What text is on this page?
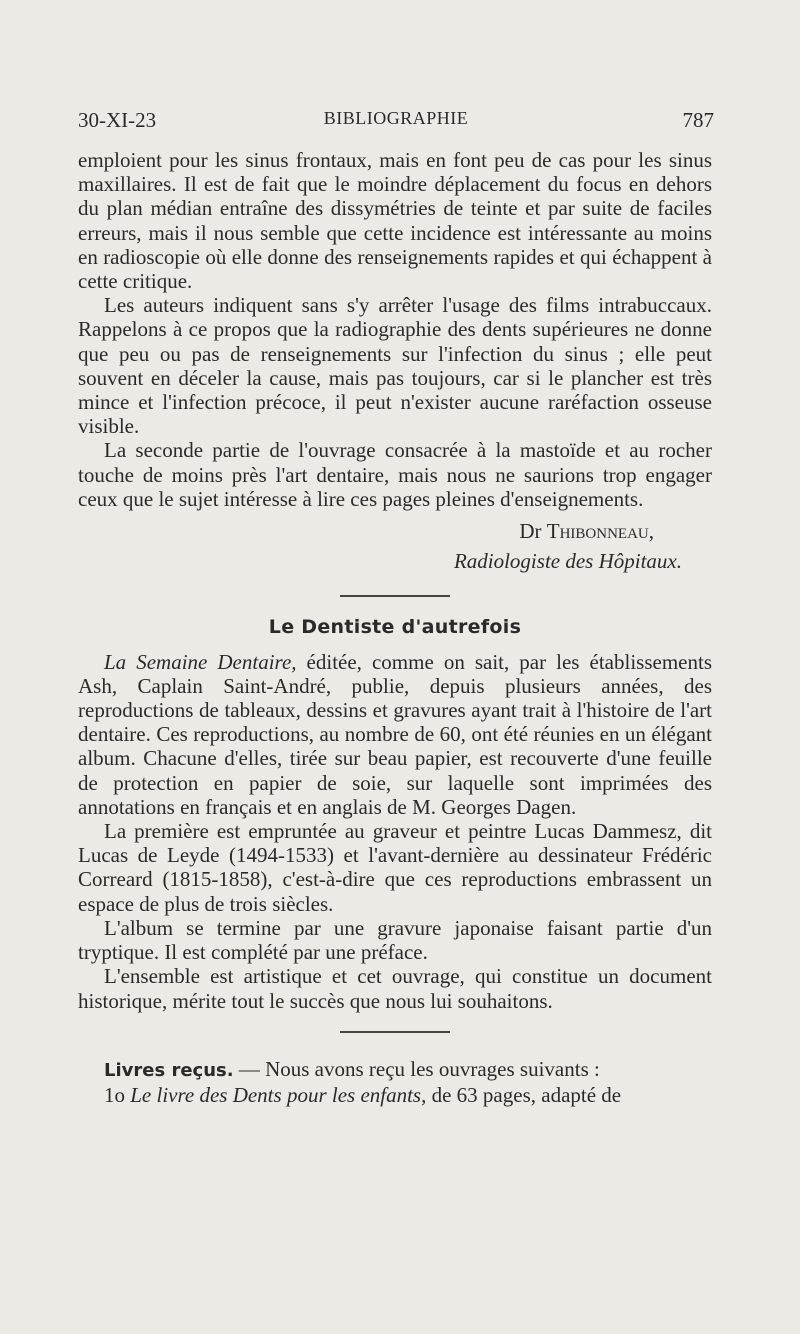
30-XI-23	BIBLIOGRAPHIE	787

emploient pour les sinus frontaux, mais en font peu de cas pour les sinus maxillaires. Il est de fait que le moindre déplacement du focus en dehors du plan médian entraîne des dissymétries de teinte et par suite de faciles erreurs, mais il nous semble que cette incidence est intéressante au moins en radioscopie où elle donne des renseignements rapides et qui échappent à cette critique.

Les auteurs indiquent sans s'y arrêter l'usage des films intrabuccaux. Rappelons à ce propos que la radiographie des dents supérieures ne donne que peu ou pas de renseignements sur l'infection du sinus ; elle peut souvent en déceler la cause, mais pas toujours, car si le plancher est très mince et l'infection précoce, il peut n'exister aucune raréfaction osseuse visible.

La seconde partie de l'ouvrage consacrée à la mastoïde et au rocher touche de moins près l'art dentaire, mais nous ne saurions trop engager ceux que le sujet intéresse à lire ces pages pleines d'enseignements.

Dr Thibonneau,
Radiologiste des Hôpitaux.
Le Dentiste d'autrefois

La Semaine Dentaire, éditée, comme on sait, par les établissements Ash, Caplain Saint-André, publie, depuis plusieurs années, des reproductions de tableaux, dessins et gravures ayant trait à l'histoire de l'art dentaire. Ces reproductions, au nombre de 60, ont été réunies en un élégant album. Chacune d'elles, tirée sur beau papier, est recouverte d'une feuille de protection en papier de soie, sur laquelle sont imprimées des annotations en français et en anglais de M. Georges Dagen.

La première est empruntée au graveur et peintre Lucas Dammesz, dit Lucas de Leyde (1494-1533) et l'avant-dernière au dessinateur Frédéric Correard (1815-1858), c'est-à-dire que ces reproductions embrassent un espace de plus de trois siècles.

L'album se termine par une gravure japonaise faisant partie d'un tryptique. Il est complété par une préface.

L'ensemble est artistique et cet ouvrage, qui constitue un document historique, mérite tout le succès que nous lui souhaitons.

Livres reçus. — Nous avons reçu les ouvrages suivants :

1o Le livre des Dents pour les enfants, de 63 pages, adapté de
